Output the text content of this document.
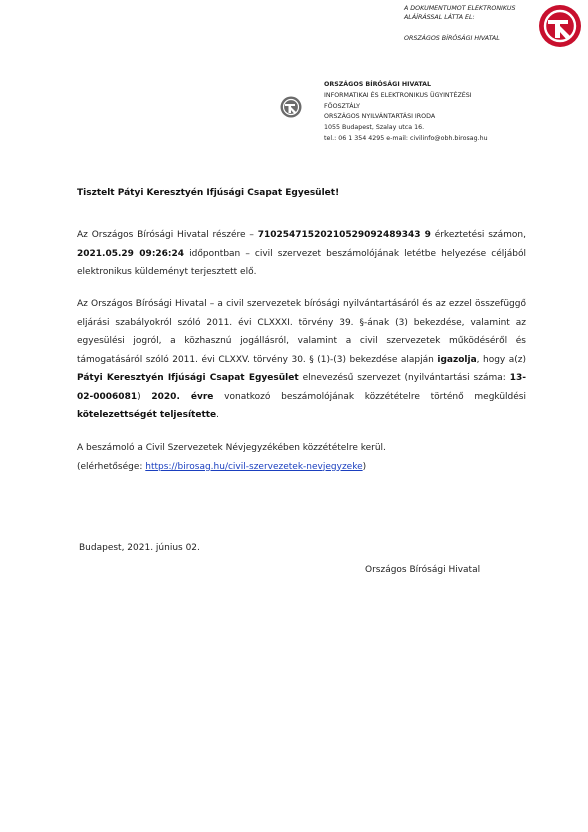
A DOKUMENTUMOT ELEKTRONIKUS
ALÁÍRÁSSAL LÁTTA EL:
ORSZÁGOS BÍRÓSÁGI HIVATAL
ORSZÁGOS BÍRÓSÁGI HIVATAL
INFORMATIKAI ÉS ELEKTRONIKUS ÜGYINTÉZÉSI
FŐOSZTÁLY
ORSZÁGOS NYILVÁNTARTÁSI IRODA
1055 Budapest, Szalay utca 16.
tel.: 06 1 354 4295 e-mail: civilinfo@obh.birosag.hu
Tisztelt Pátyi Keresztyén Ifjúsági Csapat Egyesület!
Az Országos Bírósági Hivatal részére – 71025471520210529092489343 9 érkeztetési számon, 2021.05.29 09:26:24 időpontban – civil szervezet beszámolójának letétbe helyezése céljából elektronikus küldeményt terjesztett elő.
Az Országos Bírósági Hivatal – a civil szervezetek bírósági nyilvántartásáról és az ezzel összefüggő eljárási szabályokról szóló 2011. évi CLXXXI. törvény 39. §-ának (3) bekezdése, valamint az egyesülési jogról, a közhasznú jogállásról, valamint a civil szervezetek működéséről és támogatásáról szóló 2011. évi CLXXV. törvény 30. § (1)-(3) bekezdése alapján igazolja, hogy a(z) Pátyi Keresztyén Ifjúsági Csapat Egyesület elnevezésű szervezet (nyilvántartási száma: 13-02-0006081) 2020. évre vonatkozó beszámolójának közzétételre történő megküldési kötelezettségét teljesítette.
A beszámoló a Civil Szervezetek Névjegyzékében közzétételre kerül.
(elérhetősége: https://birosag.hu/civil-szervezetek-nevjegyzeke)
Budapest, 2021. június 02.
Országos Bírósági Hivatal
